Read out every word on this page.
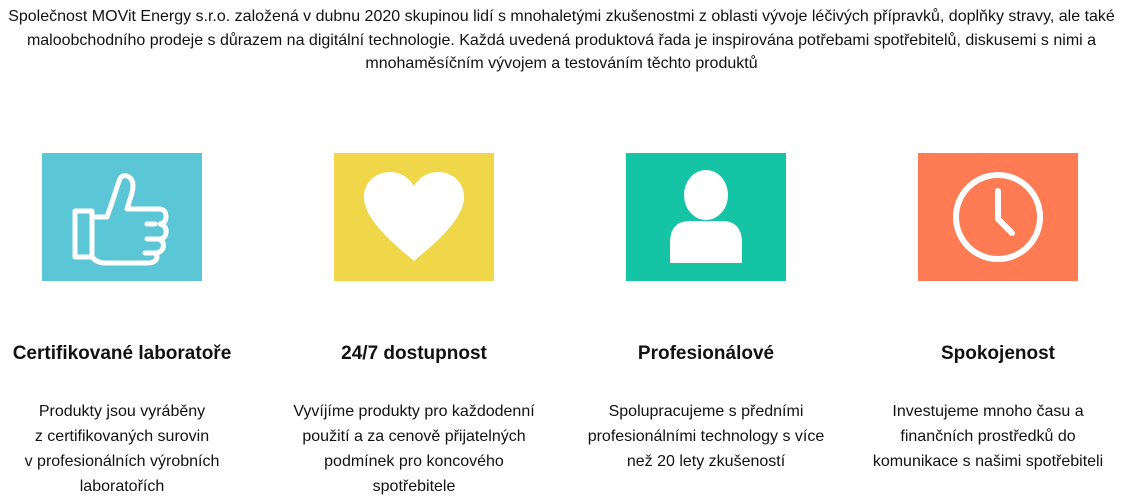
Společnost MOVit Energy s.r.o. založená v dubnu 2020 skupinou lidí s mnohaletými zkušenostmi z oblasti vývoje léčivých přípravků, doplňky stravy, ale také
maloobchodního prodeje s důrazem na digitální technologie. Každá uvedená produktová řada je inspirována potřebami spotřebitelů, diskusemi s nimi a
mnohaměsíčním vývojem a testováním těchto produktů

Certifikované laboratoře

Produkty jsou vyráběny
z certifikovaných surovin
v profesionálních výrobních
laboratořích

24/7 dostupnost

Vyvíjíme produkty pro každodenní
použití a za cenově přijatelných
podmínek pro koncového
spotřebitele

Profesionálové

Spolupracujeme s předními
profesionálními technology s více
než 20 lety zkušeností

Spokojenost

Investujeme mnoho času a
finančních prostředků do
komunikace s našimi spotřebiteli
